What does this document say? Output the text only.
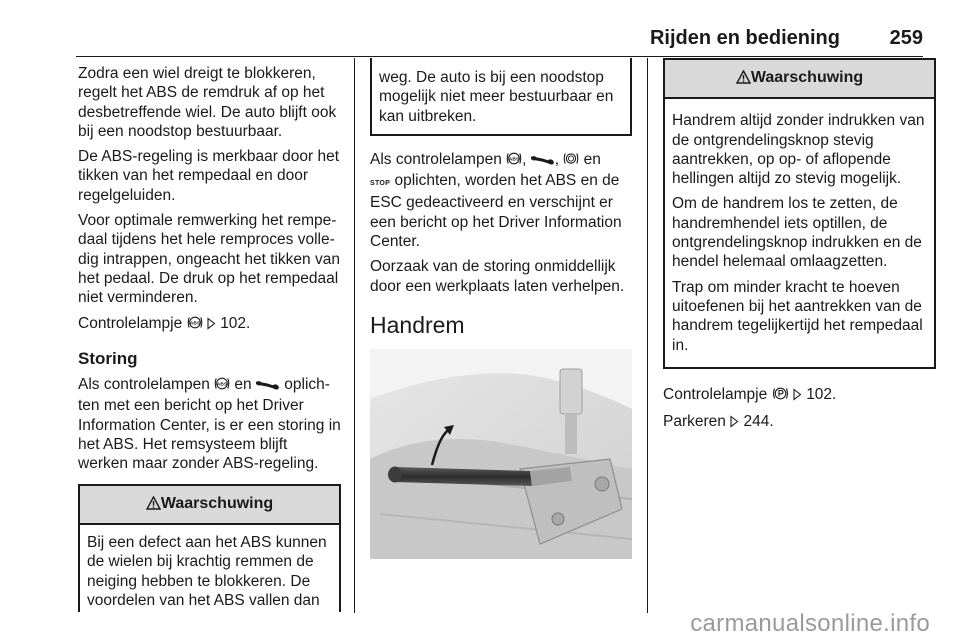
Rijden en bediening 259

Zodra een wiel dreigt te blokkeren, regelt het ABS de remdruk af op het desbetreffende wiel. De auto blijft ook bij een noodstop bestuurbaar.

De ABS-regeling is merkbaar door het tikken van het rempedaal en door regelgeluiden.

Voor optimale remwerking het rempedaal tijdens het hele remproces volledig intrappen, ongeacht het tikken van het pedaal. De druk op het rempedaal niet verminderen.

Controlelampje ABS 102.

Storing

Als controlelampen ABS en  oplichten met een bericht op het Driver Information Center, is er een storing in het ABS. Het remsysteem blijft werken maar zonder ABS-regeling.

Waarschuwing

Bij een defect aan het ABS kunnen de wielen bij krachtig remmen de neiging hebben te blokkeren. De voordelen van het ABS vallen dan

weg. De auto is bij een noodstop mogelijk niet meer bestuurbaar en kan uitbreken.

Als controlelampen ABS , ,  en
STOP oplichten, worden het ABS en de ESC gedeactiveerd en verschijnt er een bericht op het Driver Information Center.

Oorzaak van de storing onmiddellijk door een werkplaats laten verhelpen.

Handrem
Waarschuwing

Handrem altijd zonder indrukken van de ontgrendelingsknop stevig aantrekken, op op- of aflopende hellingen altijd zo stevig mogelijk.

Om de handrem los te zetten, de handremhendel iets optillen, de ontgrendelingsknop indrukken en de hendel helemaal omlaagzetten.

Trap om minder kracht te hoeven uitoefenen bij het aantrekken van de handrem tegelijkertijd het rempedaal in.

Controlelampje   102.

Parkeren  244.

carmanualsonline.info
